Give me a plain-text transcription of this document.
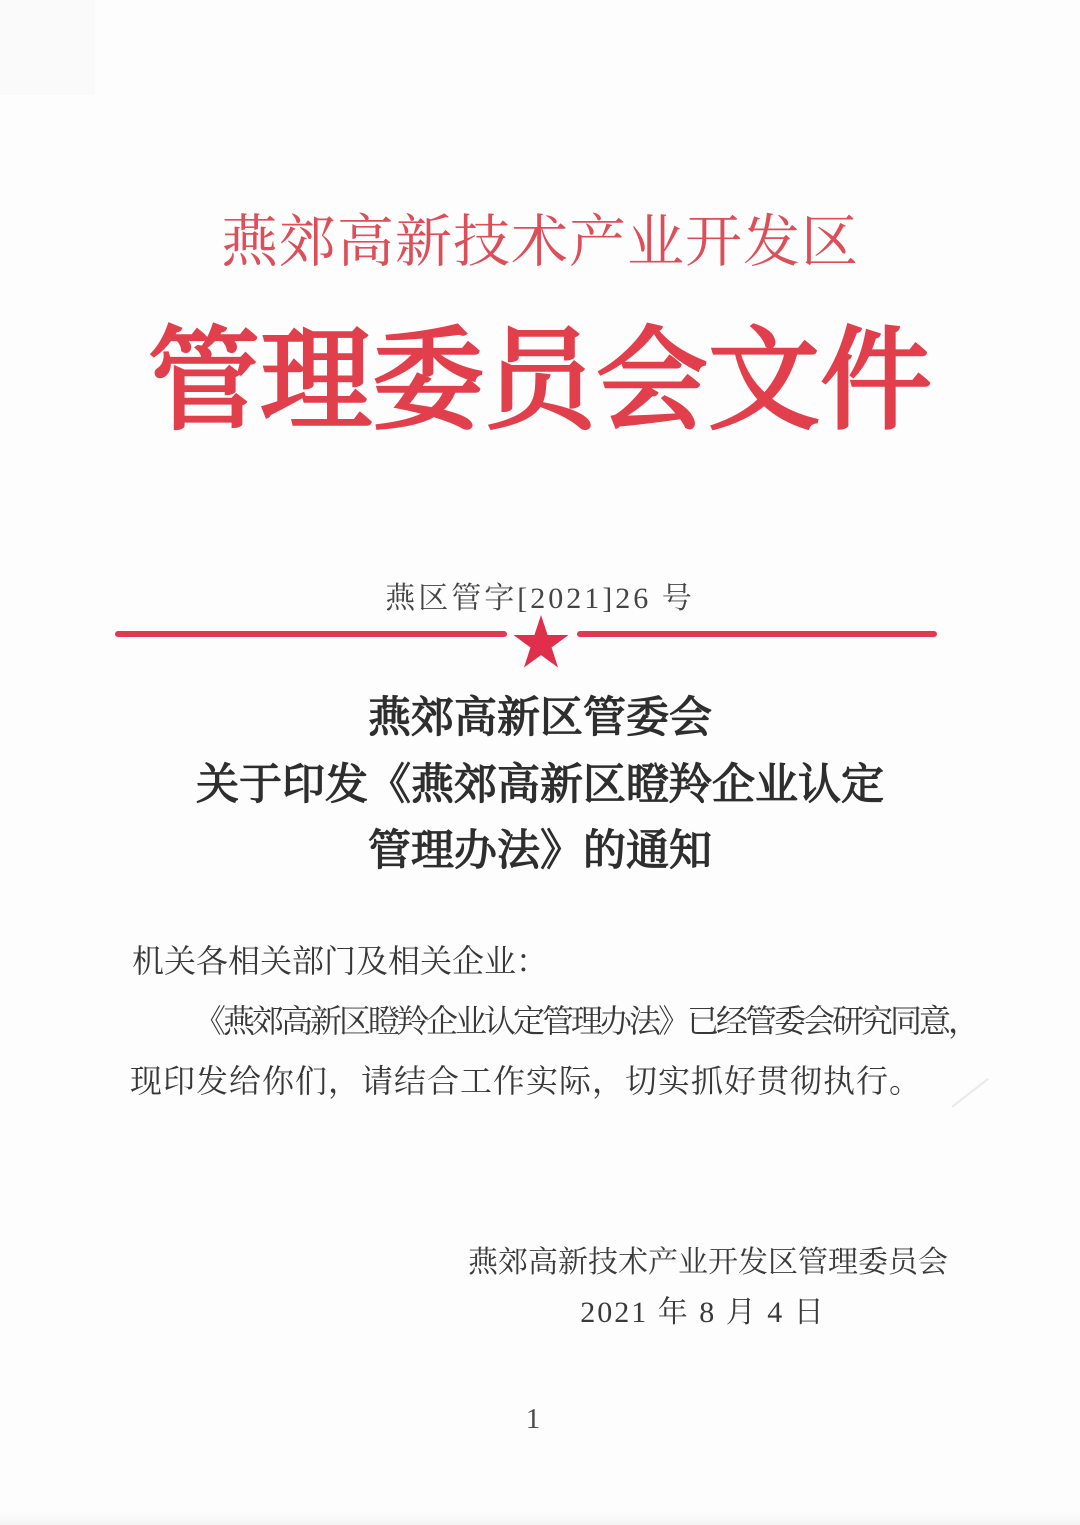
燕郊高新技术产业开发区
管理委员会文件
燕区管字[2021]26 号
燕郊高新区管委会
关于印发《燕郊高新区瞪羚企业认定
管理办法》的通知
机关各相关部门及相关企业：
《燕郊高新区瞪羚企业认定管理办法》已经管委会研究同意，
现印发给你们，请结合工作实际，切实抓好贯彻执行。
燕郊高新技术产业开发区管理委员会
2021 年 8 月 4 日
1
